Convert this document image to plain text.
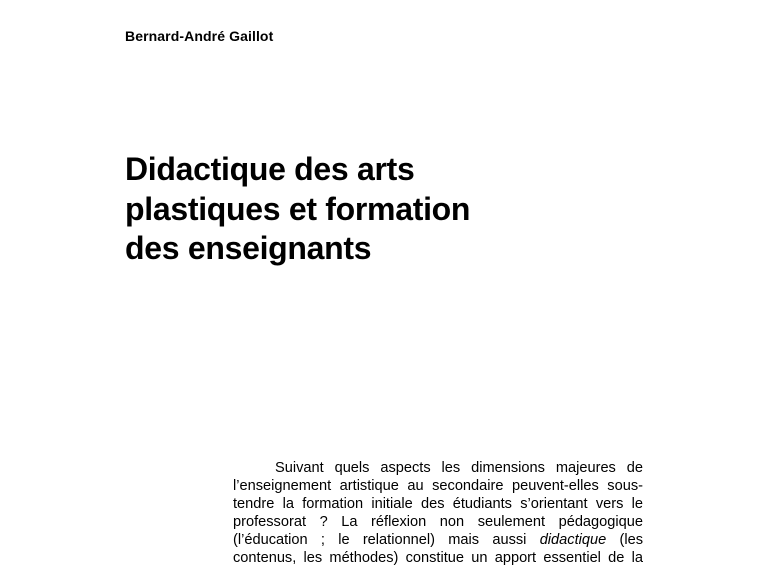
Bernard-André Gaillot
Didactique des arts
plastiques et formation
des enseignants
Suivant quels aspects les dimensions majeures de
l’enseignement artistique au secondaire peuvent-elles sous-
tendre la formation initiale des étudiants s’orientant vers le
professorat ? La réflexion non seulement pédagogique
(l’éducation ; le relationnel) mais aussi didactique (les
contenus, les méthodes) constitue un apport essentiel de la
